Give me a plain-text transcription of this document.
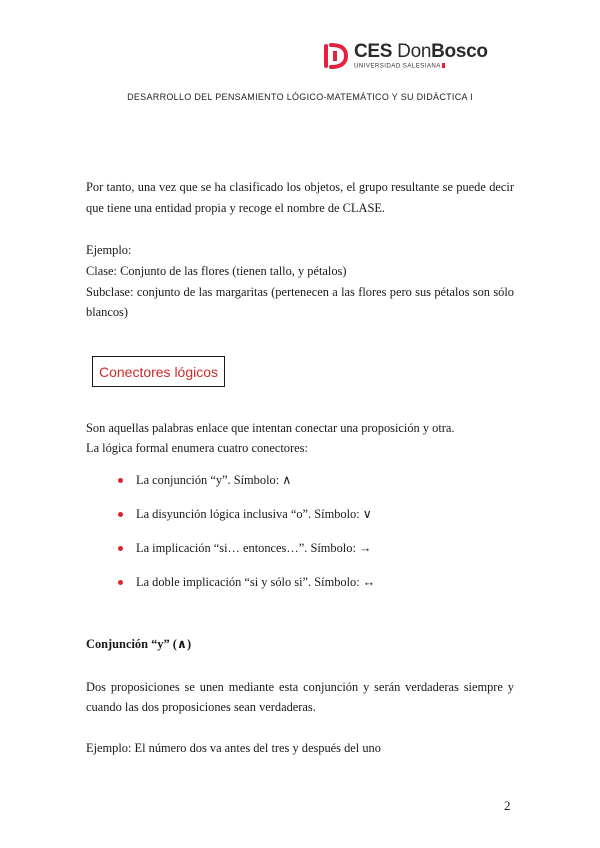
CES DonBosco
UNIVERSIDAD SALESIANA
DESARROLLO DEL PENSAMIENTO LÓGICO-MATEMÁTICO Y SU DIDÁCTICA I
Por tanto, una vez que se ha clasificado los objetos, el grupo resultante se puede decir
que tiene una entidad propia y recoge el nombre de CLASE.
Ejemplo:
Clase: Conjunto de las flores (tienen tallo, y pétalos)
Subclase: conjunto de las margaritas (pertenecen a las flores pero sus pétalos son sólo
blancos)
Conectores lógicos
Son aquellas palabras enlace que intentan conectar una proposición y otra.
La lógica formal enumera cuatro conectores:
La conjunción “y”. Símbolo: ∧
La disyunción lógica inclusiva “o”. Símbolo: ∨
La implicación “si… entonces…”. Símbolo: →
La doble implicación “si y sólo si”. Símbolo: ↔
Conjunción “y” (∧)
Dos proposiciones se unen mediante esta conjunción y serán verdaderas siempre y
cuando las dos proposiciones sean verdaderas.
Ejemplo: El número dos va antes del tres y después del uno
2
